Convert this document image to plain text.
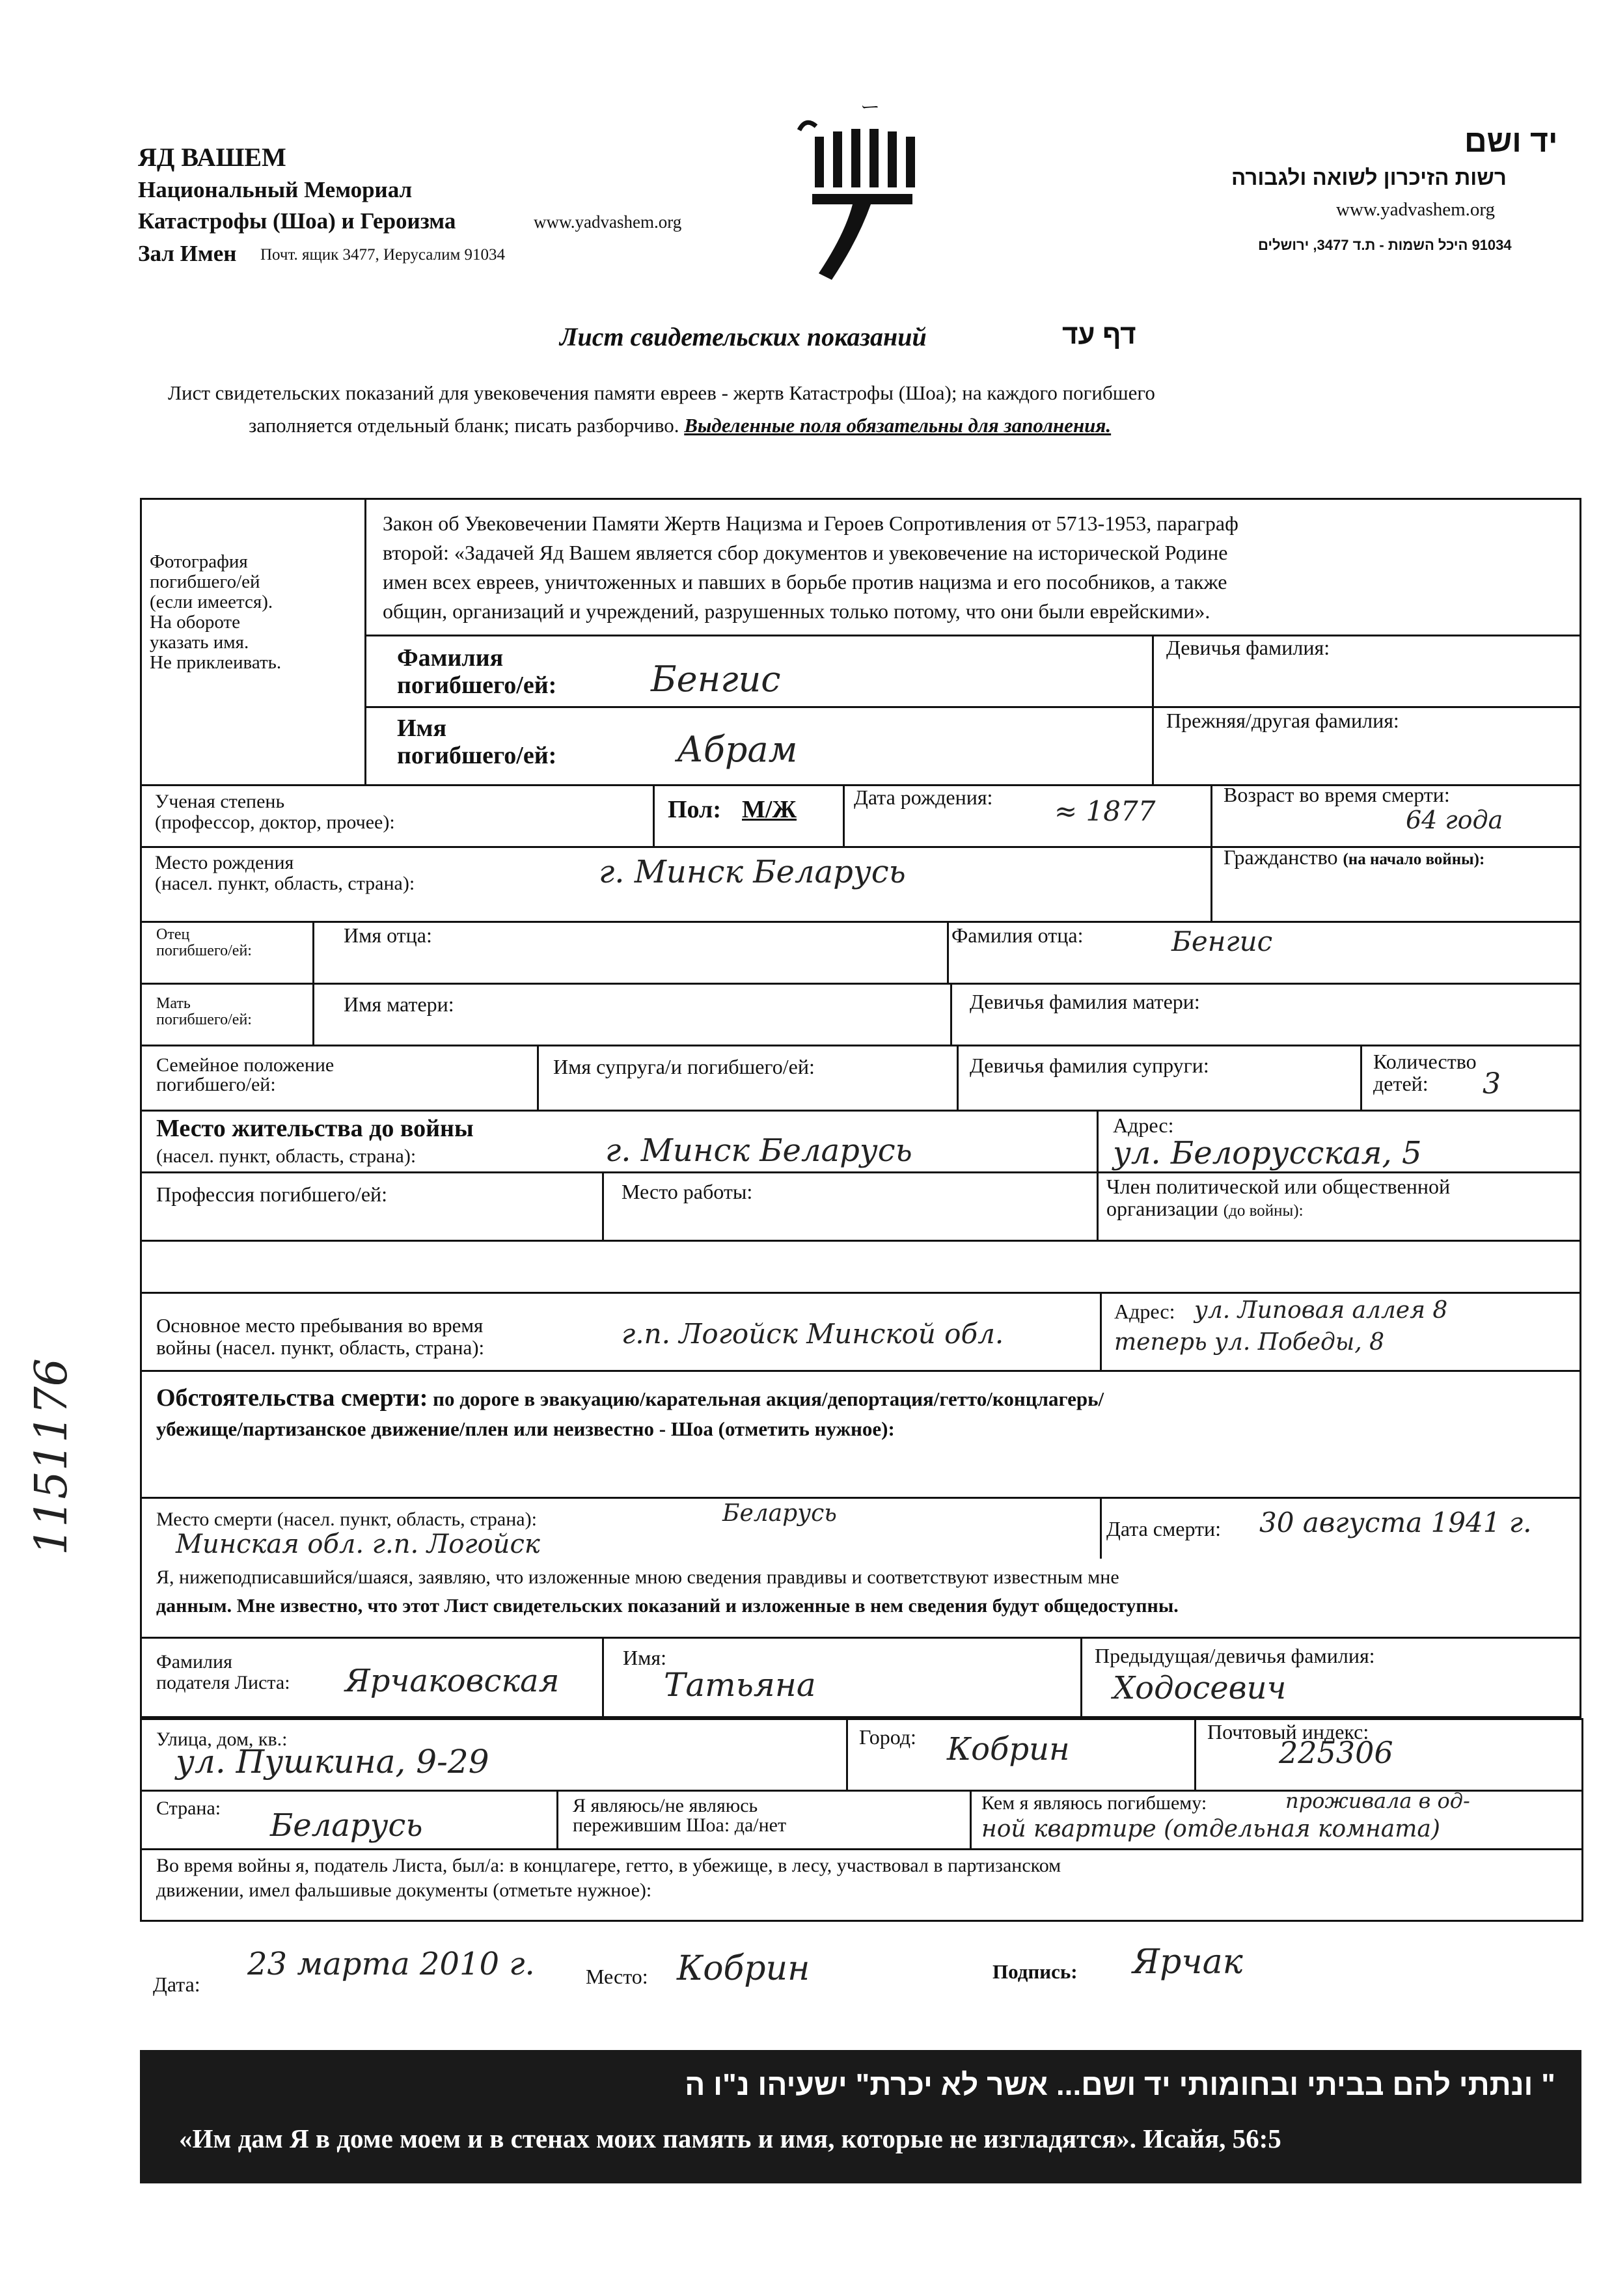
ЯД ВАШЕМ
Национальный Мемориал
Катастрофы (Шоа) и Героизма	www.yadvashem.org
Зал Имен Почт. ящик 3477, Иерусалим 91034
ー
יד ושם
רשות הזיכרון לשואה ולגבורה
www.yadvashem.org
91034 היכל השמות - ת.ד 3477, ירושלים
Лист свидетельских показаний	דף עד
Лист свидетельских показаний для увековечения памяти евреев - жертв Катастрофы (Шоа); на каждого погибшего
заполняется отдельный бланк; писать разборчиво. Выделенные поля обязательны для заполнения.
Фотография
погибшего/ей
(если имеется).
На обороте
указать имя.
Не приклеивать.
Закон об Увековечении Памяти Жертв Нацизма и Героев Сопротивления от 5713-1953, параграф
второй: «Задачей Яд Вашем является сбор документов и увековечение на исторической Родине
имен всех евреев, уничтоженных и павших в борьбе против нацизма и его пособников, а также
общин, организаций и учреждений, разрушенных только потому, что они были еврейскими».
Фамилия
погибшего/ей:	Бенгис
Девичья фамилия:
Имя
погибшего/ей:	Абрам
Прежняя/другая фамилия:
Ученая степень
(профессор, доктор, прочее):	Пол: М/Ж	Дата рождения: ≈ 1877
Возраст во время смерти:
64 года
Место рождения
(насел. пункт, область, страна):	г. Минск Беларусь	Гражданство (на начало войны):
Отец
погибшего/ей:
Имя отца:	Фамилия отца:	Бенгис
Мать
погибшего/ей:
Имя матери:	Девичья фамилия матери:
Семейное положение
погибшего/ей:
Имя супруга/и погибшего/ей:	Девичья фамилия супруги:	Количество
детей:	3
Место жительства до войны
(насел. пункт, область, страна):	г. Минск Беларусь
Адрес:
ул. Белорусская, 5
Профессия погибшего/ей:	Место работы:	Член политической или общественной
организации (до войны):
Основное место пребывания во время
войны (насел. пункт, область, страна):	г.п. Логойск Минской обл.
Адрес: ул. Липовая аллея 8
теперь ул. Победы, 8
Обстоятельства смерти: по дороге в эвакуацию/карательная акция/депортация/гетто/концлагерь/
убежище/партизанское движение/плен или неизвестно - Шоа (отметить нужное):
Место смерти (насел. пункт, область, страна):	Беларусь
Минская обл. г.п. Логойск
Дата смерти: 30 августа 1941 г.
Я, нижеподписавшийся/шаяся, заявляю, что изложенные мною сведения правдивы и соответствуют известным мне
данным. Мне известно, что этот Лист свидетельских показаний и изложенные в нем сведения будут общедоступны.
Фамилия
подателя Листа: Ярчаковская
Имя:
Татьяна
Предыдущая/девичья фамилия:
Ходосевич
Улица, дом, кв.:
ул. Пушкина, 9-29
Город: Кобрин	Почтовый индекс:
225306
Страна: Беларусь
Я являюсь/не являюсь
пережившим Шоа: да/нет
Кем я являюсь погибшему:	проживала в од-
ной квартире (отдельная комната)
Во время войны я, податель Листа, был/а: в концлагере, гетто, в убежище, в лесу, участвовал в партизанском
движении, имел фальшивые документы (отметьте нужное):
Дата:
23 марта 2010 г. Место: Кобрин	Подпись: Ярчак
1151176
" ונתתי להם בביתי ובחומותי יד ושם... אשר לא יכרת" ישעיהו נ"ו ה
«Им дам Я в доме моем и в стенах моих память и имя, которые не изгладятся». Исайя, 56:5
